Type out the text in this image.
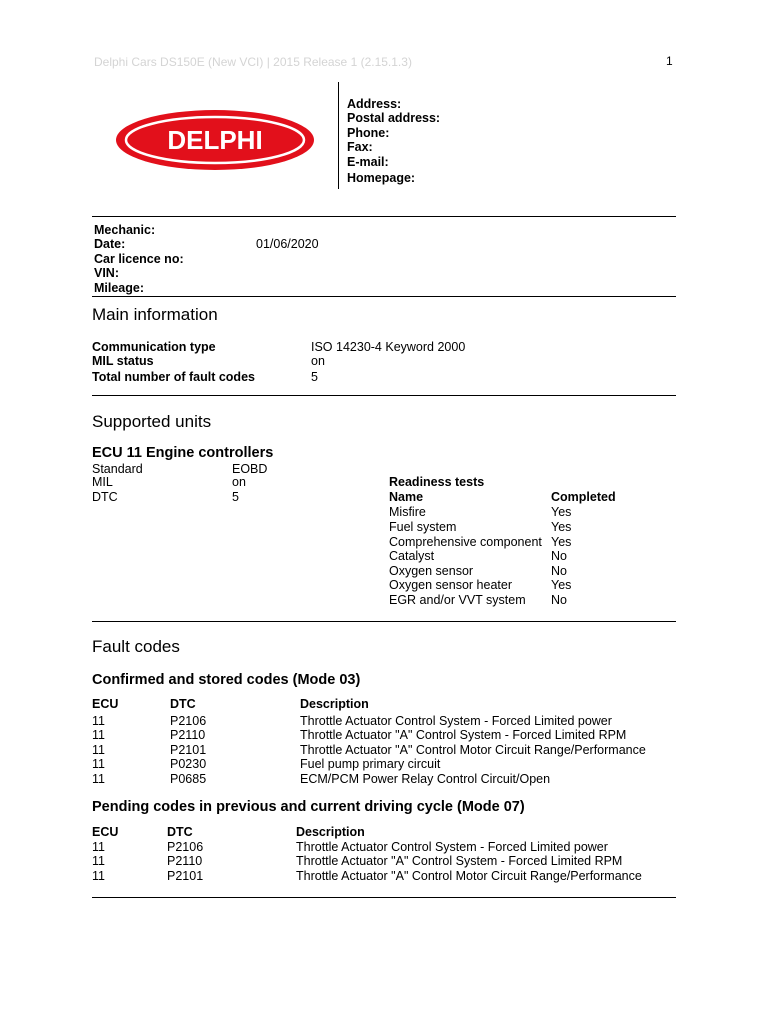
Delphi Cars DS150E (New VCI) | 2015 Release 1 (2.15.1.3)	1
DELPHI
Address:
Postal address:
Phone:
Fax:
E-mail:
Homepage:
Mechanic:
Date:	01/06/2020
Car licence no:
VIN:
Mileage:
Main information
Communication type	ISO 14230-4 Keyword 2000
MIL status	on
Total number of fault codes	5
Supported units
ECU 11 Engine controllers
Standard	EOBD
MIL	on
DTC	5
Readiness tests
Name	Completed
Misfire	Yes
Fuel system	Yes
Comprehensive component Yes
Catalyst	No
Oxygen sensor	No
Oxygen sensor heater	Yes
EGR and/or VVT system No
Fault codes
Confirmed and stored codes (Mode 03)
ECU	DTC	Description
11	P2106	Throttle Actuator Control System - Forced Limited power
11	P2110	Throttle Actuator "A" Control System - Forced Limited RPM
11	P2101	Throttle Actuator "A" Control Motor Circuit Range/Performance
11	P0230	Fuel pump primary circuit
11	P0685	ECM/PCM Power Relay Control Circuit/Open
Pending codes in previous and current driving cycle (Mode 07)
ECU	DTC	Description
11	P2106	Throttle Actuator Control System - Forced Limited power
11	P2110	Throttle Actuator "A" Control System - Forced Limited RPM
11	P2101	Throttle Actuator "A" Control Motor Circuit Range/Performance
